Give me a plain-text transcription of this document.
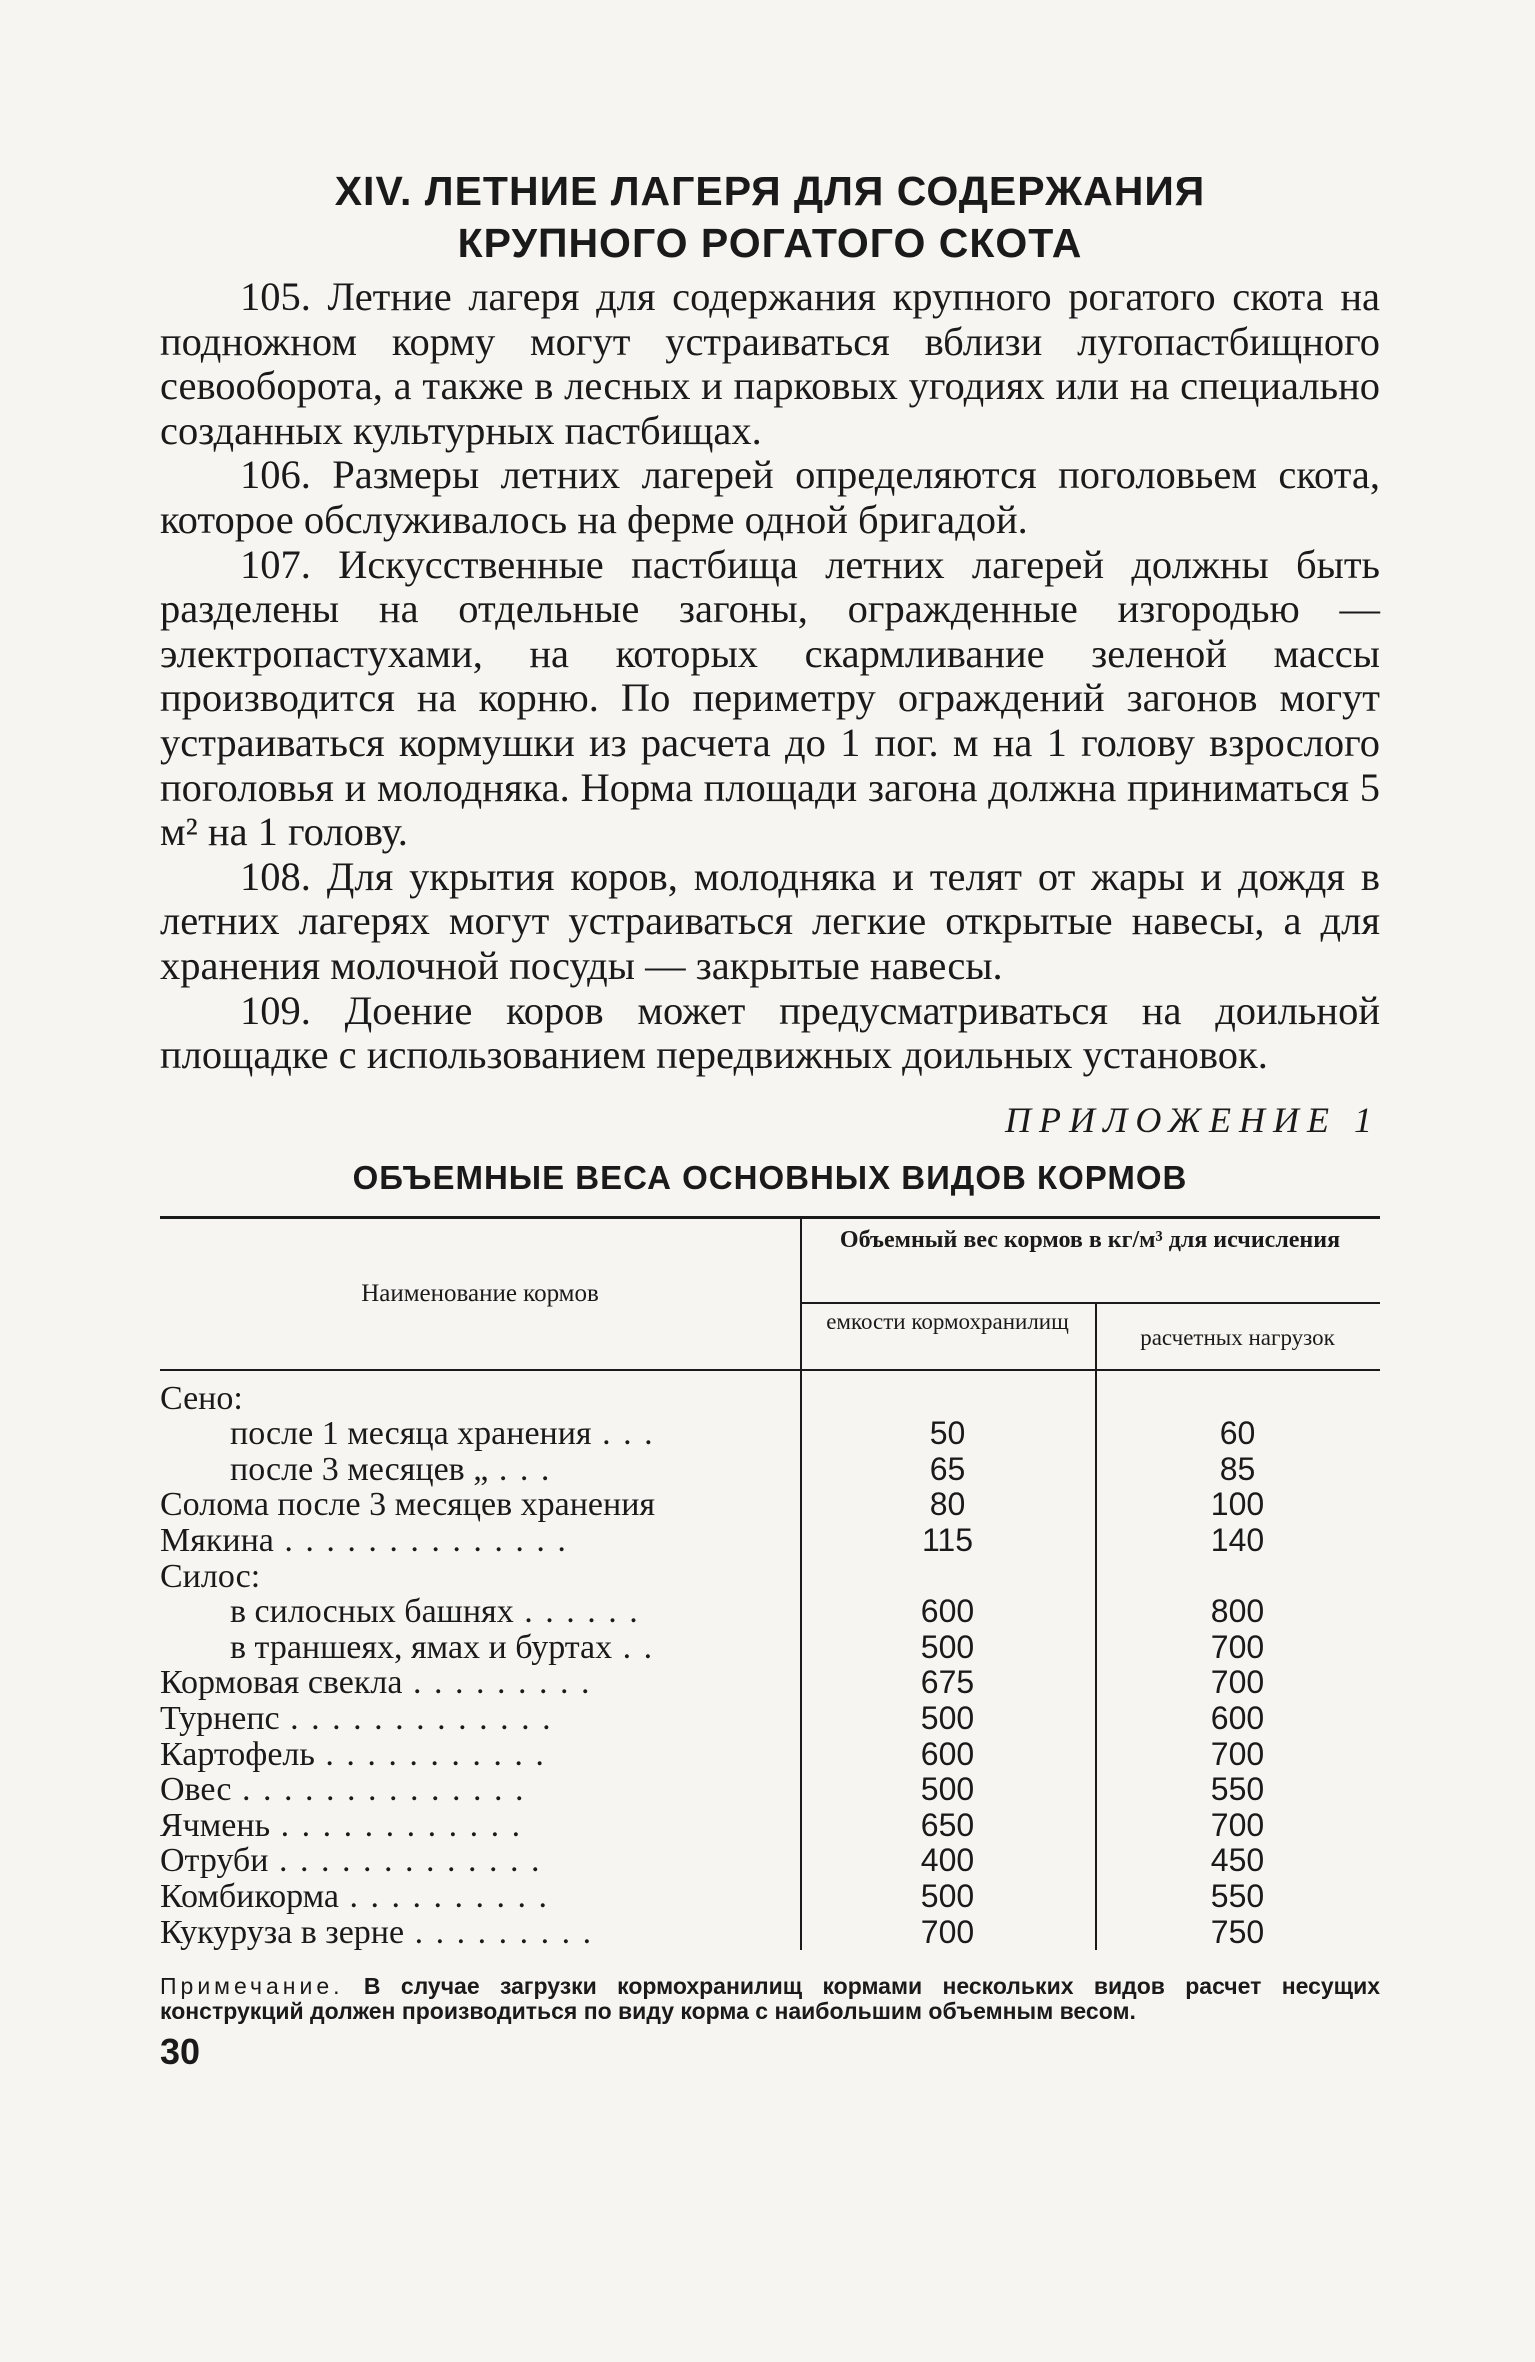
XIV. ЛЕТНИЕ ЛАГЕРЯ ДЛЯ СОДЕРЖАНИЯ
КРУПНОГО РОГАТОГО СКОТА

105. Летние лагеря для содержания крупного рогатого скота на подножном корму могут устраиваться вблизи лугопастбищного севооборота, а также в лесных и парковых угодиях или на специально созданных культурных пастбищах.

106. Размеры летних лагерей определяются поголовьем скота, которое обслуживалось на ферме одной бригадой.

107. Искусственные пастбища летних лагерей должны быть разделены на отдельные загоны, огражденные изгородью — электропастухами, на которых скармливание зеленой массы производится на корню. По периметру ограждений загонов могут устраиваться кормушки из расчета до 1 пог. м на 1 голову взрослого поголовья и молодняка. Норма площади загона должна приниматься 5 м² на 1 голову.

108. Для укрытия коров, молодняка и телят от жары и дождя в летних лагерях могут устраиваться легкие открытые навесы, а для хранения молочной посуды — закрытые навесы.

109. Доение коров может предусматриваться на доильной площадке с использованием передвижных доильных установок.

ПРИЛОЖЕНИЕ 1
ОБЪЕМНЫЕ ВЕСА ОСНОВНЫХ ВИДОВ КОРМОВ
Наименование кормов
Объемный вес кормов в кг/м³ для исчисления
емкости кормохранилищ
расчетных нагрузок
Сено:
после 1 месяца хранения . . .	50	60
после 3 месяцев „ . . .	65	85
Солома после 3 месяцев хранения	80	100
Мякина . . . . . . . . . . . . . .	115	140
Силос:
в силосных башнях . . . . . .	600	800
в траншеях, ямах и буртах . .	500	700
Кормовая свекла . . . . . . . . .	675	700
Турнепс . . . . . . . . . . . . .	500	600
Картофель . . . . . . . . . . .	600	700
Овес . . . . . . . . . . . . . .	500	550
Ячмень . . . . . . . . . . . .	650	700
Отруби . . . . . . . . . . . . .	400	450
Комбикорма . . . . . . . . . .	500	550
Кукуруза в зерне . . . . . . . . .	700	750
Примечание. В случае загрузки кормохранилищ кормами нескольких видов расчет несущих конструкций должен производиться по виду корма с наибольшим объемным весом.
30
